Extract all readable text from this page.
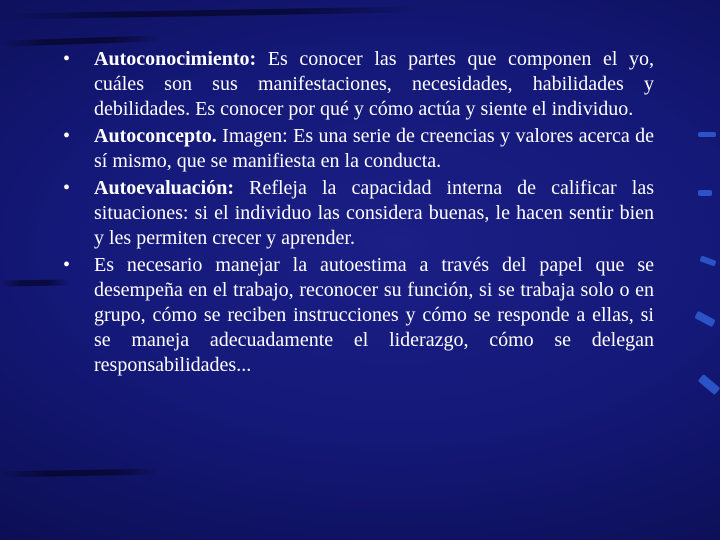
• Autoconocimiento: Es conocer las partes que componen el yo, cuáles son sus manifestaciones, necesidades, habilidades y debilidades. Es conocer por qué y cómo actúa y siente el individuo.
• Autoconcepto. Imagen: Es una serie de creencias y valores acerca de sí mismo, que se manifiesta en la conducta.
• Autoevaluación: Refleja la capacidad interna de calificar las situaciones: si el individuo las considera buenas, le hacen sentir bien y les permiten crecer y aprender.
• Es necesario manejar la autoestima a través del papel que se desempeña en el trabajo, reconocer su función, si se trabaja solo o en grupo, cómo se reciben instrucciones y cómo se responde a ellas, si se maneja adecuadamente el liderazgo, cómo se delegan responsabilidades...
